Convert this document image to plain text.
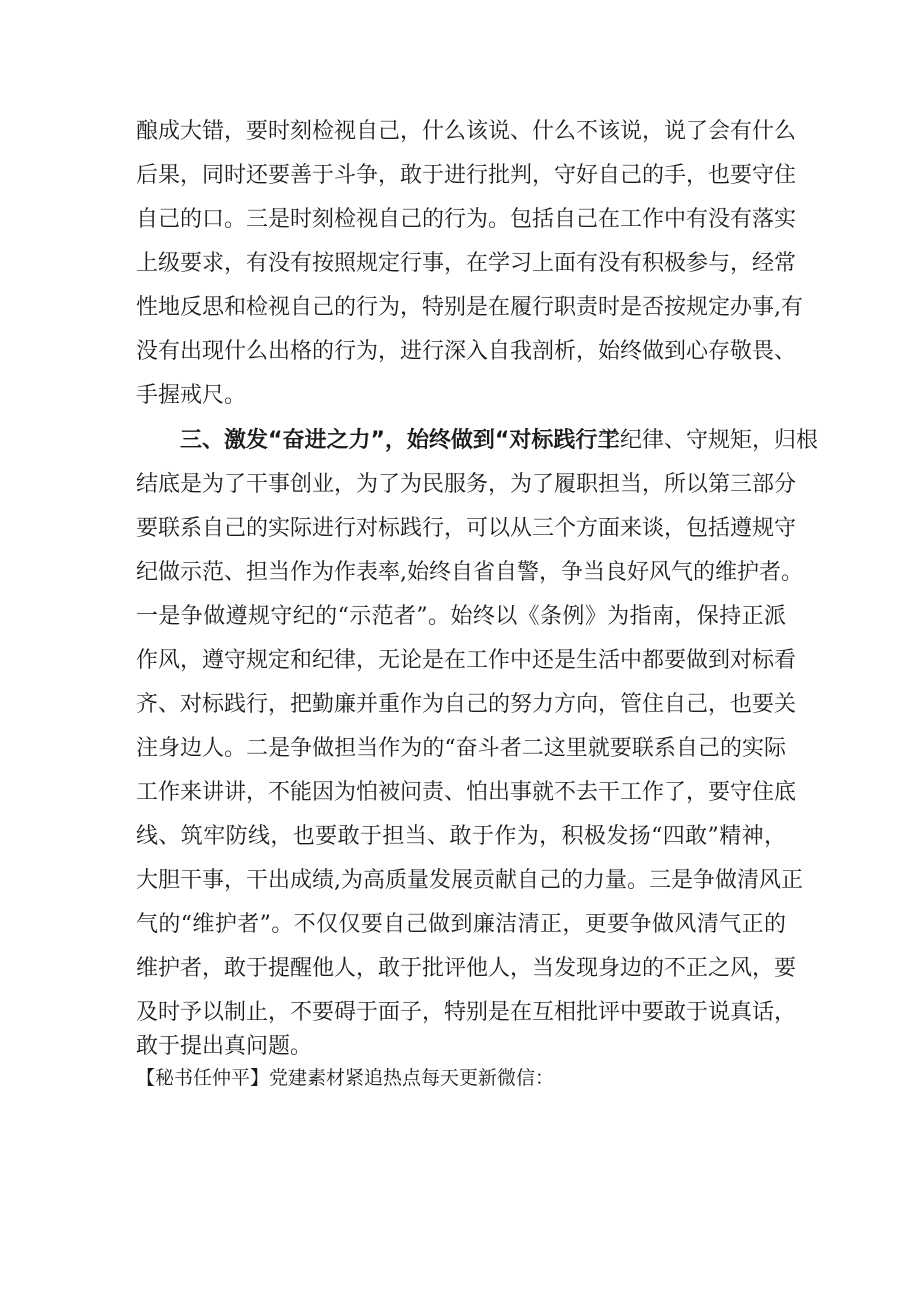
酿成大错，要时刻检视自己，什么该说、什么不该说，说了会有什么
后果，同时还要善于斗争，敢于进行批判，守好自己的手，也要守住
自己的口。三是时刻检视自己的行为。包括自己在工作中有没有落实
上级要求，有没有按照规定行事，在学习上面有没有积极参与，经常
性地反思和检视自己的行为，特别是在履行职责时是否按规定办事,有
没有出现什么出格的行为，进行深入自我剖析，始终做到心存敬畏、
手握戒尺。
三、激发“奋进之力”，始终做到“对标践行工
学纪律、守规矩，归根
结底是为了干事创业，为了为民服务，为了履职担当，所以第三部分
要联系自己的实际进行对标践行，可以从三个方面来谈，包括遵规守
纪做示范、担当作为作表率,始终自省自警，争当良好风气的维护者。
一是争做遵规守纪的“示范者”。始终以《条例》为指南，保持正派
作风，遵守规定和纪律，无论是在工作中还是生活中都要做到对标看
齐、对标践行，把勤廉并重作为自己的努力方向，管住自己，也要关
注身边人。二是争做担当作为的“奋斗者二这里就要联系自己的实际
工作来讲讲，不能因为怕被问责、怕出事就不去干工作了，要守住底
线、筑牢防线，也要敢于担当、敢于作为，积极发扬“四敢”精神，
大胆干事，干出成绩,为高质量发展贡献自己的力量。三是争做清风正
气的“维护者”。不仅仅要自己做到廉洁清正，更要争做风清气正的
维护者，敢于提醒他人，敢于批评他人，当发现身边的不正之风，要
及时予以制止，不要碍于面子，特别是在互相批评中要敢于说真话，
敢于提出真问题。
【秘书任仲平】党建素材紧追热点每天更新微信：
